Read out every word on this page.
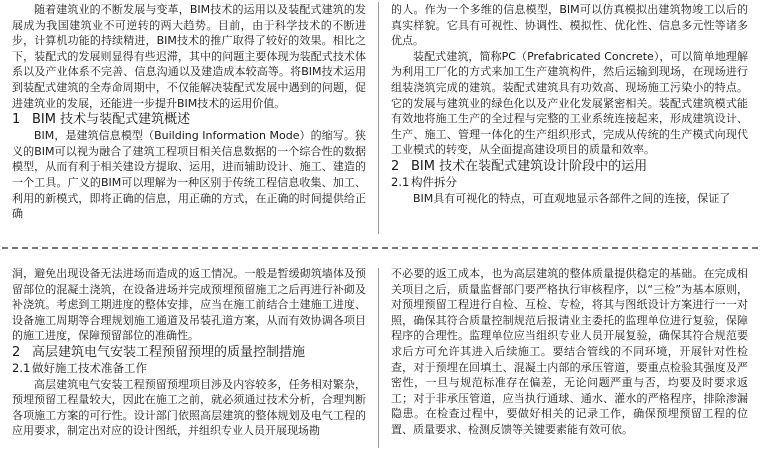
随着建筑业的不断发展与变革，BIM技术的运用以及装配式建筑的发展成为我国建筑业不可逆转的两大趋势。目前，由于科学技术的不断进步，计算机功能的持续精进，BIM技术的推广取得了较好的效果。相比之下，装配式的发展则显得有些迟滞，其中的问题主要体现为装配式技术体系以及产业体系不完善、信息沟通以及建造成本较高等。将BIM技术运用到装配式建筑的全寿命周期中，不仅能解决装配式发展中遇到的问题，促进建筑业的发展，还能进一步提升BIM技术的运用价值。

1 BIM 技术与装配式建筑概述

BIM，是建筑信息模型（Building Information Mode）的缩写。狭义的BIM可以视为融合了建筑工程项目相关信息数据的一个综合性的数据模型，从而有利于相关建设方提取、运用，进而辅助设计、施工、建造的一个工具。广义的BIM可以理解为一种区别于传统工程信息收集、加工、利用的新模式，即将正确的信息，用正确的方式，在正确的时间提供给正确

的人。作为一个多维的信息模型，BIM可以仿真模拟出建筑物竣工以后的真实样貌。它具有可视性、协调性、模拟性、优化性、信息多元性等诸多优点。

装配式建筑，简称PC（Prefabricated Concrete），可以简单地理解为利用工厂化的方式来加工生产建筑构件，然后运输到现场，在现场进行组装浇筑完成的建筑。装配式建筑具有功效高、现场施工污染小的特点。它的发展与建筑业的绿色化以及产业化发展紧密相关。装配式建筑模式能有效地将施工生产的全过程与完整的工业系统连接起来，形成建筑设计、生产、施工、管理一体化的生产组织形式，完成从传统的生产模式向现代工业模式的转变，从全面提高建设项目的质量和效率。

2 BIM 技术在装配式建筑设计阶段中的运用
2.1 构件拆分

BIM具有可视化的特点，可直观地显示各部件之间的连接，保证了

洞，避免出现设备无法进场而造成的返工情况。一般是暂缓砌筑墙体及预留部位的混凝土浇筑，在设备进场并完成预埋预留施工之后再进行补砌及补浇筑。考虑到工期进度的整体安排，应当在施工前结合土建施工进度、设备施工周期等合理规划施工通道及吊装孔道方案，从而有效协调各项目的施工进度，保障预留部位的准确性。

2 高层建筑电气安装工程预留预埋的质量控制措施
2.1 做好施工技术准备工作

高层建筑电气安装工程预留预埋项目涉及内容较多，任务相对繁杂，预埋预留工程量较大，因此在施工之前，就必须通过技术分析，合理判断各项施工方案的可行性。设计部门依照高层建筑的整体规划及电气工程的应用要求，制定出对应的设计图纸，并组织专业人员开展现场勘

不必要的返工成本，也为高层建筑的整体质量提供稳定的基础。在完成相关项目之后，质量监督部门要严格执行审核程序，以“三检”为基本原则，对预埋预留工程进行自检、互检、专检，将其与图纸设计方案进行一一对照，确保其符合质量控制规范后报请业主委托的监理单位进行复验，保障程序的合理性。监理单位应当组织专业人员开展复验，确保其符合规范要求后方可允许其进入后续施工。要结合管线的不同环境，开展针对性检查，对于预埋在回填土、混凝土内部的承压管道，要重点检验其强度及严密性，一旦与规范标准存在偏差，无论问题严重与否，均要及时要求返工；对于非承压管道，应当执行通球、通水、灌水的严格程序，排除渗漏隐患。在检查过程中，要做好相关的记录工作，确保预埋预留工程的位置、质量要求、检测反馈等关键要素能有效可依。
